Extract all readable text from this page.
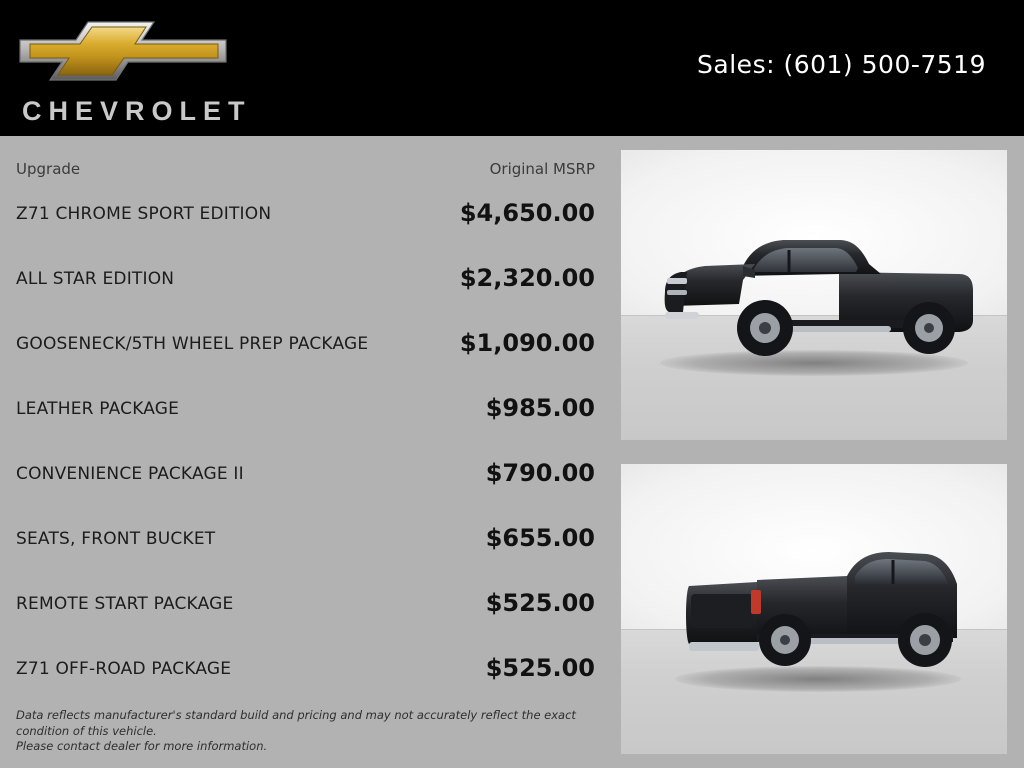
CHEVROLET
Sales: (601) 500-7519
Upgrade	Original MSRP
Z71 CHROME SPORT EDITION	$4,650.00
ALL STAR EDITION	$2,320.00
GOOSENECK/5TH WHEEL PREP PACKAGE	$1,090.00
LEATHER PACKAGE	$985.00
CONVENIENCE PACKAGE II	$790.00
SEATS, FRONT BUCKET	$655.00
REMOTE START PACKAGE	$525.00
Z71 OFF-ROAD PACKAGE	$525.00
Data reflects manufacturer's standard build and pricing and may not accurately reflect the exact condition of this vehicle.
Please contact dealer for more information.
